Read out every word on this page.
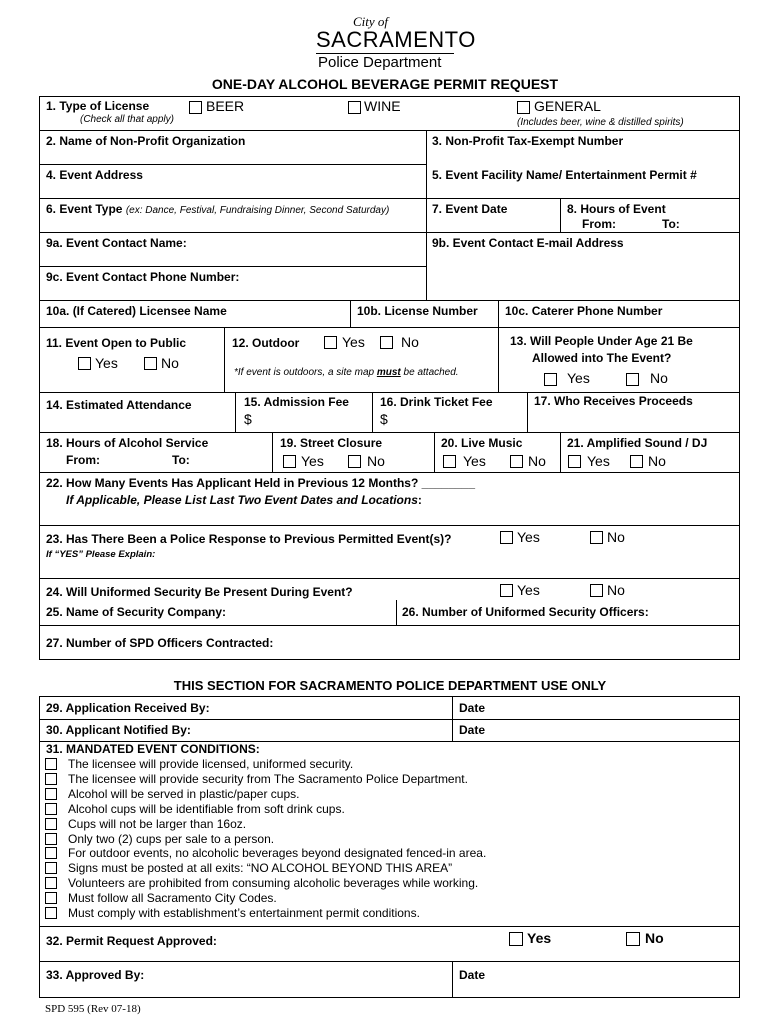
City of
SACRAMENTO
Police Department
ONE-DAY ALCOHOL BEVERAGE PERMIT REQUEST
1. Type of License
(Check all that apply)
BEER	WINE	GENERAL
(Includes beer, wine & distilled spirits)
2. Name of Non-Profit Organization	3. Non-Profit Tax-Exempt Number
4. Event Address	5. Event Facility Name/ Entertainment Permit #
6. Event Type (ex: Dance, Festival, Fundraising Dinner, Second Saturday)	7. Event Date	8. Hours of Event
From:	To:
9a. Event Contact Name:	9b. Event Contact E-mail Address
9c. Event Contact Phone Number:
10a. (If Catered) Licensee Name	10b. License Number 10c. Caterer Phone Number
11. Event Open to Public
Yes	No
12. Outdoor	Yes	No
*If event is outdoors, a site map must be attached.
13. Will People Under Age 21 Be
Allowed into The Event?
Yes	No
14. Estimated Attendance	15. Admission Fee
$
16. Drink Ticket Fee
$
17. Who Receives Proceeds
18. Hours of Alcohol Service
From:	To:
19. Street Closure
Yes	No
20. Live Music
Yes	No
21. Amplified Sound / DJ
Yes	No
22. How Many Events Has Applicant Held in Previous 12 Months? ________
If Applicable, Please List Last Two Event Dates and Locations:
23. Has There Been a Police Response to Previous Permitted Event(s)?	Yes	No
If “YES” Please Explain:
24. Will Uniformed Security Be Present During Event?	Yes	No
25. Name of Security Company:	26. Number of Uniformed Security Officers:
27. Number of SPD Officers Contracted:
THIS SECTION FOR SACRAMENTO POLICE DEPARTMENT USE ONLY
29. Application Received By:	Date
30. Applicant Notified By:	Date
31. MANDATED EVENT CONDITIONS:
The licensee will provide licensed, uniformed security.
The licensee will provide security from The Sacramento Police Department.
Alcohol will be served in plastic/paper cups.
Alcohol cups will be identifiable from soft drink cups.
Cups will not be larger than 16oz.
Only two (2) cups per sale to a person.
For outdoor events, no alcoholic beverages beyond designated fenced-in area.
Signs must be posted at all exits: “NO ALCOHOL BEYOND THIS AREA”
Volunteers are prohibited from consuming alcoholic beverages while working.
Must follow all Sacramento City Codes.
Must comply with establishment’s entertainment permit conditions.
32. Permit Request Approved:	Yes	No
33. Approved By:	Date
SPD 595 (Rev 07-18)
